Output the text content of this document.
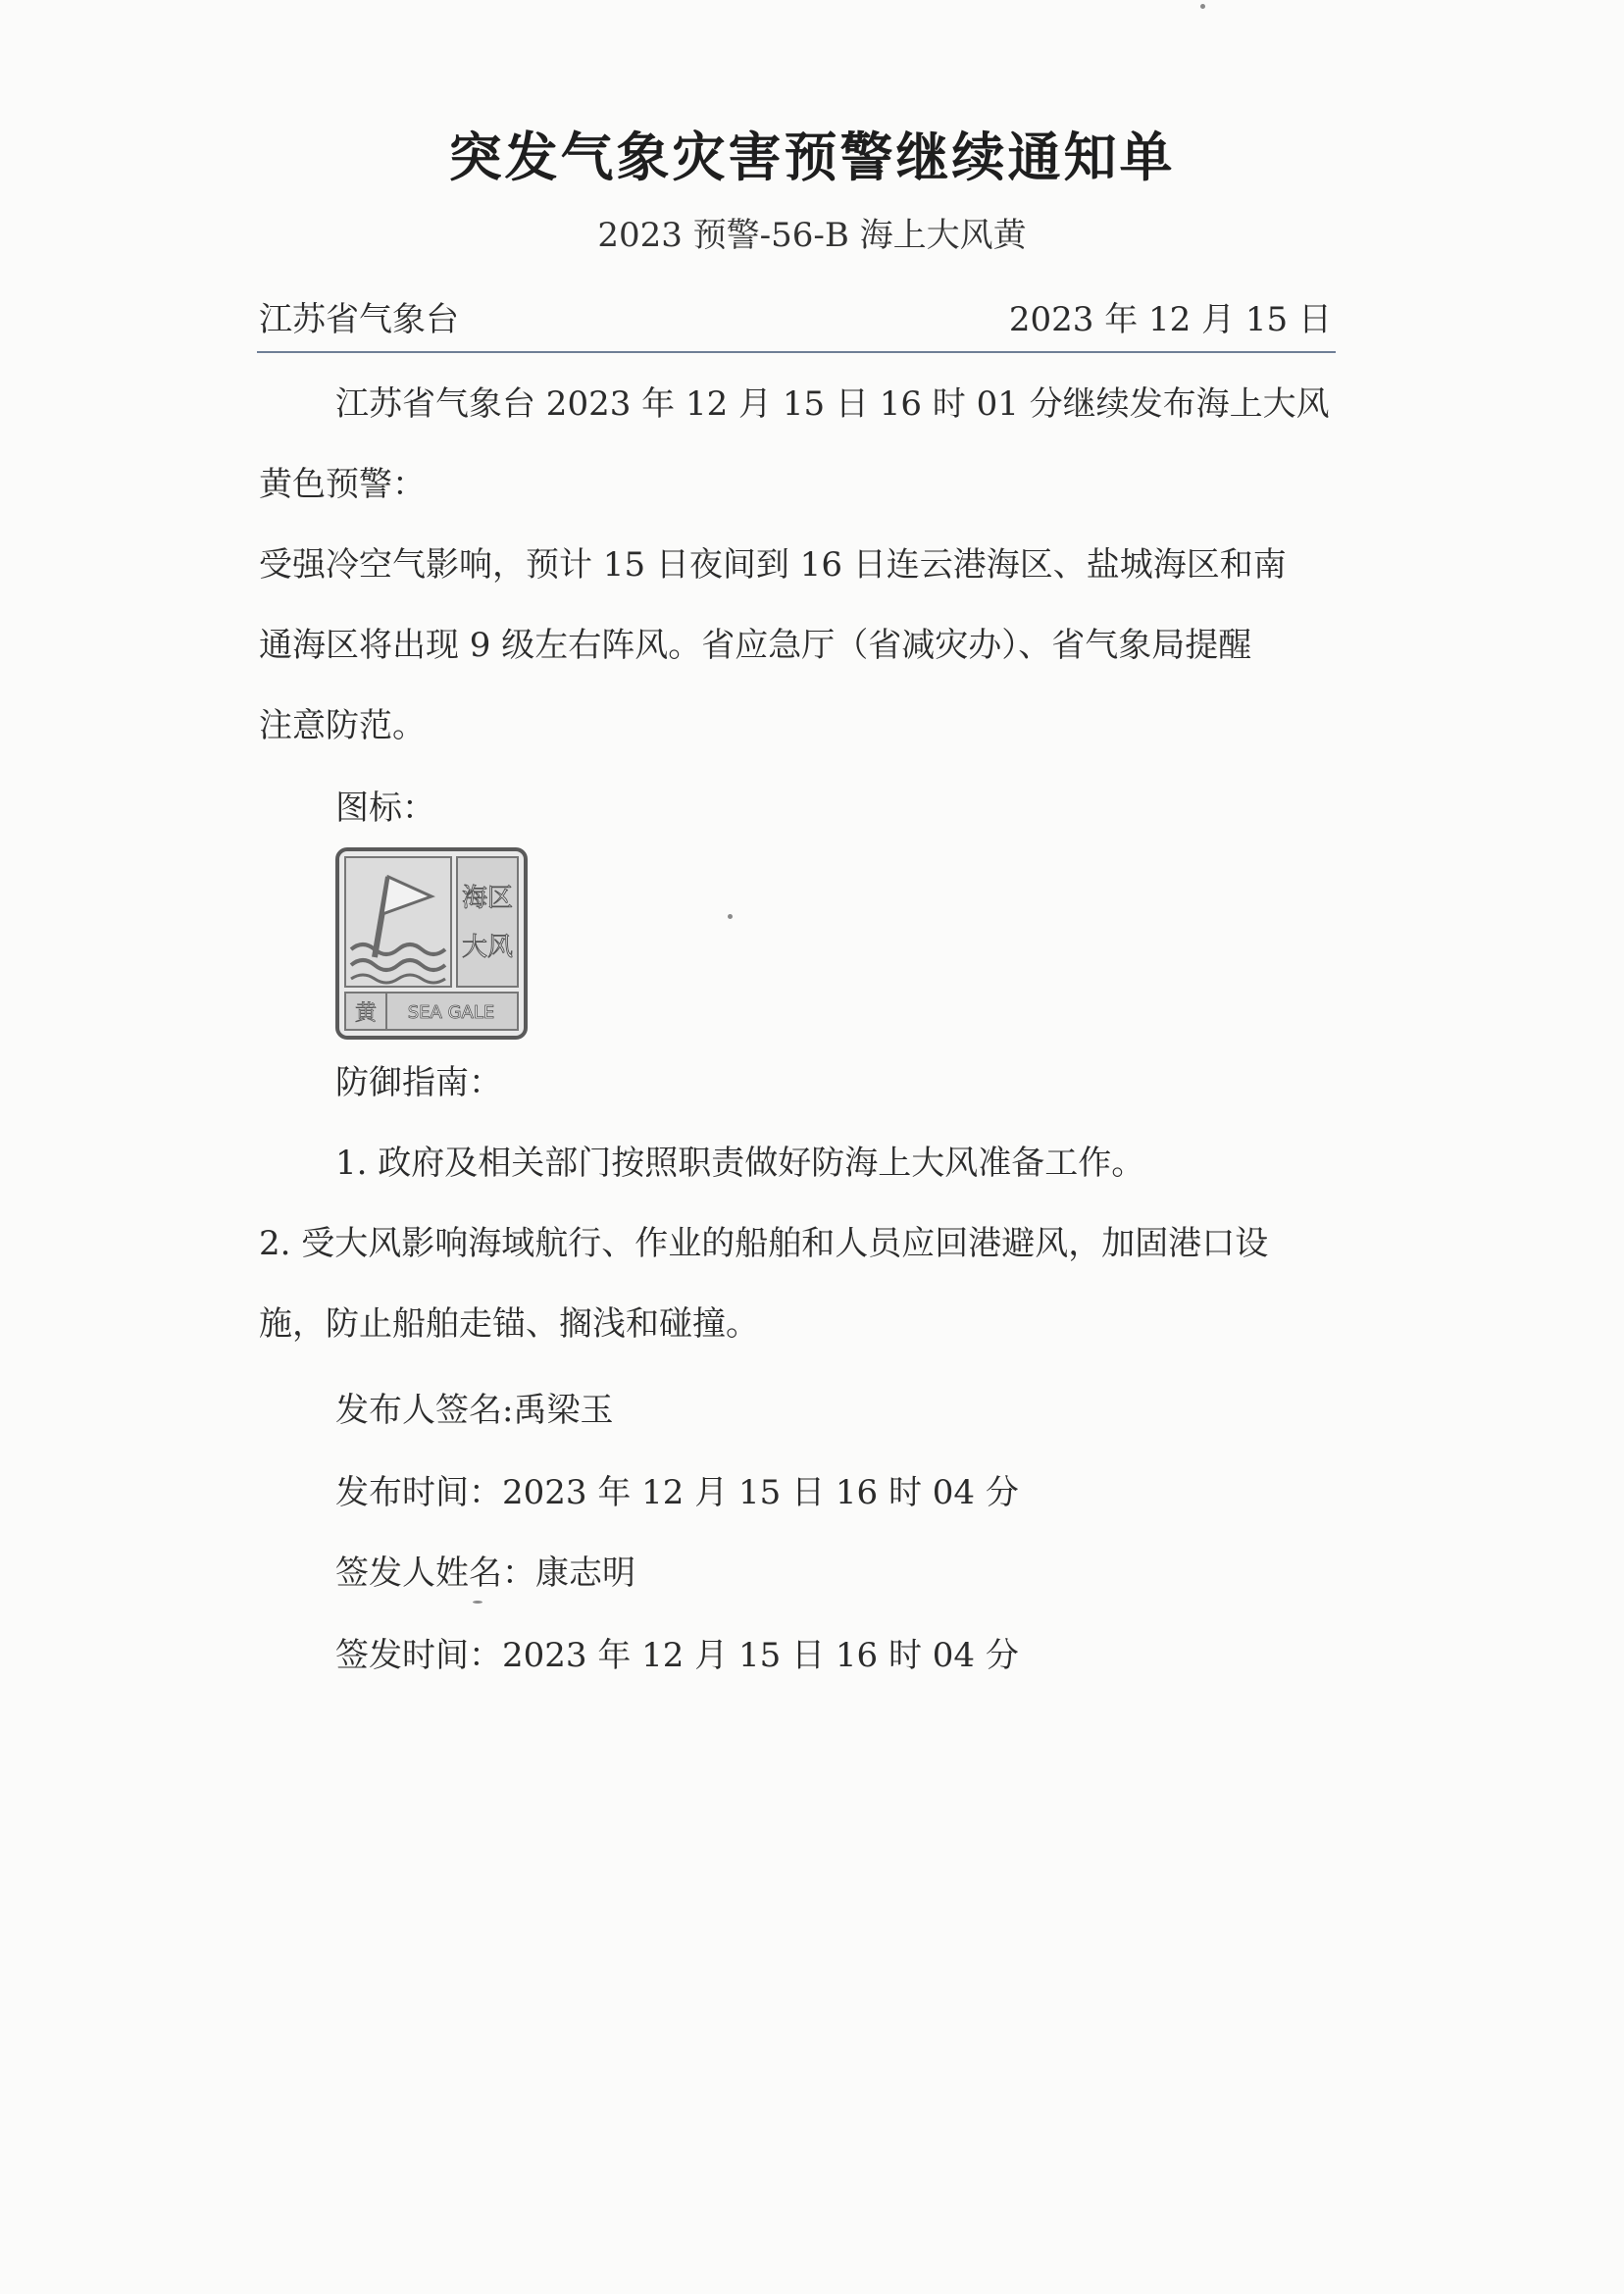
突发气象灾害预警继续通知单
2023 预警-56-B 海上大风黄
江苏省气象台	2023 年 12 月 15 日
江苏省气象台 2023 年 12 月 15 日 16 时 01 分继续发布海上大风
黄色预警：
受强冷空气影响，预计 15 日夜间到 16 日连云港海区、盐城海区和南
通海区将出现 9 级左右阵风。省应急厅（省减灾办）、省气象局提醒
注意防范。
图标：
海区
大风
黄 SEA GALE
防御指南：
1. 政府及相关部门按照职责做好防海上大风准备工作。
2. 受大风影响海域航行、作业的船舶和人员应回港避风，加固港口设
施，防止船舶走锚、搁浅和碰撞。
发布人签名:禹梁玉
发布时间：2023 年 12 月 15 日 16 时 04 分
签发人姓名：康志明
签发时间：2023 年 12 月 15 日 16 时 04 分
